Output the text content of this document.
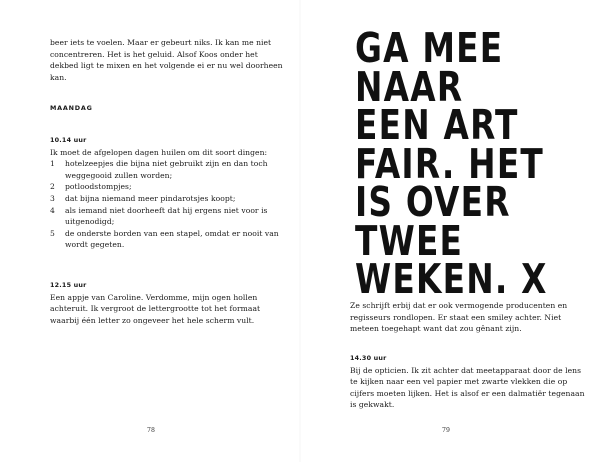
beer iets te voelen. Maar er gebeurt niks. Ik kan me niet concentreren. Het is het geluid. Alsof Koos onder het dekbed ligt te mixen en het volgende ei er nu wel doorheen kan.

MAANDAG
10.14 uur
Ik moet de afgelopen dagen huilen om dit soort dingen:
1 hotelzeepjes die bijna niet gebruikt zijn en dan toch weggegooid zullen worden;
2 potloodstompjes;
3 dat bijna niemand meer pindarotsjes koopt;
4 als iemand niet doorheeft dat hij ergens niet voor is uitgenodigd;
5 de onderste borden van een stapel, omdat er nooit van wordt gegeten.
12.15 uur
Een appje van Caroline. Verdomme, mijn ogen hollen achteruit. Ik vergroot de lettergrootte tot het formaat waarbij één letter zo ongeveer het hele scherm vult.
78
GA MEE
NAAR
EEN ART
FAIR. HET
IS OVER
TWEE
WEKEN. X

Ze schrijft erbij dat er ook vermogende producenten en regisseurs rondlopen. Er staat een smiley achter. Niet meteen toegehapt want dat zou gênant zijn.

14.30 uur
Bij de opticien. Ik zit achter dat meetapparaat door de lens te kijken naar een vel papier met zwarte vlekken die op cijfers moeten lijken. Het is alsof er een dalmatiër tegenaan is gekwakt.
79
